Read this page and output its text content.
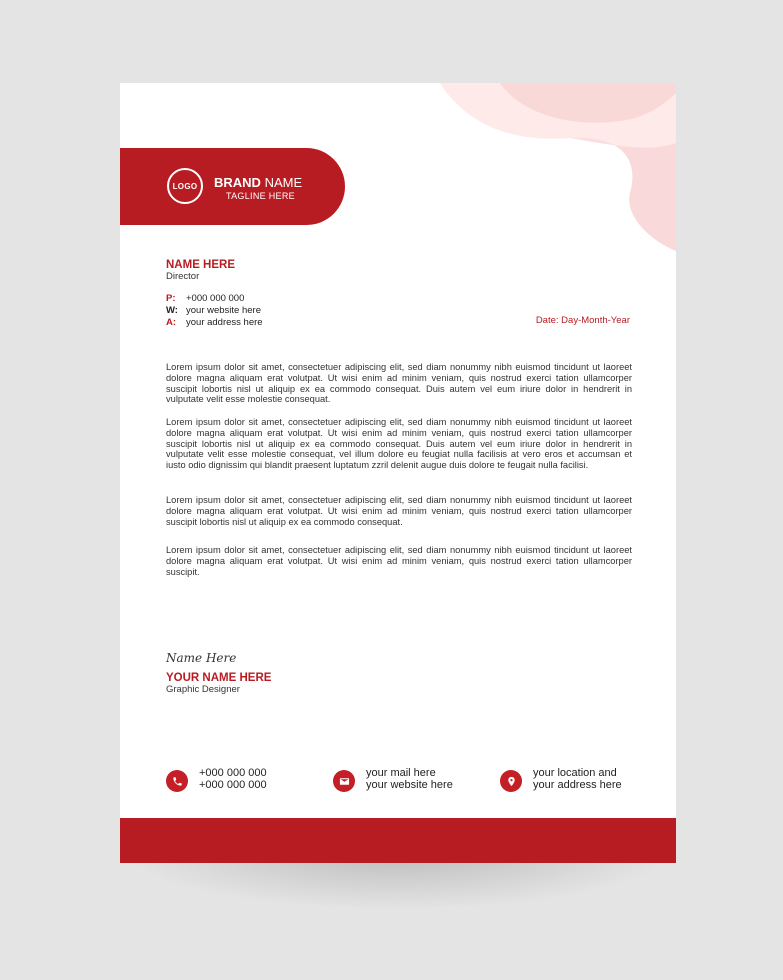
LOGO	BRAND NAME
TAGLINE HERE
NAME HERE
Director
P: +000 000 000
W: your website here
A: your address here	Date: Day-Month-Year
Lorem ipsum dolor sit amet, consectetuer adipiscing elit, sed diam nonummy nibh euismod tincidunt ut laoreet dolore magna aliquam erat volutpat. Ut wisi enim ad minim veniam, quis nostrud exerci tation ullamcorper suscipit lobortis nisl ut aliquip ex ea commodo consequat. Duis autem vel eum iriure dolor in hendrerit in vulputate velit esse molestie consequat.
Lorem ipsum dolor sit amet, consectetuer adipiscing elit, sed diam nonummy nibh euismod tincidunt ut laoreet dolore magna aliquam erat volutpat. Ut wisi enim ad minim veniam, quis nostrud exerci tation ullamcorper suscipit lobortis nisl ut aliquip ex ea commodo consequat. Duis autem vel eum iriure dolor in hendrerit in vulputate velit esse molestie consequat, vel illum dolore eu feugiat nulla facilisis at vero eros et accumsan et iusto odio dignissim qui blandit praesent luptatum zzril delenit augue duis dolore te feugait nulla facilisi.
Lorem ipsum dolor sit amet, consectetuer adipiscing elit, sed diam nonummy nibh euismod tincidunt ut laoreet dolore magna aliquam erat volutpat. Ut wisi enim ad minim veniam, quis nostrud exerci tation ullamcorper suscipit lobortis nisl ut aliquip ex ea commodo consequat.
Lorem ipsum dolor sit amet, consectetuer adipiscing elit, sed diam nonummy nibh euismod tincidunt ut laoreet dolore magna aliquam erat volutpat. Ut wisi enim ad minim veniam, quis nostrud exerci tation ullamcorper suscipit.
Name Here
YOUR NAME HERE
Graphic Designer
+000 000 000
+000 000 000
your mail here
your website here
your location and
your address here
